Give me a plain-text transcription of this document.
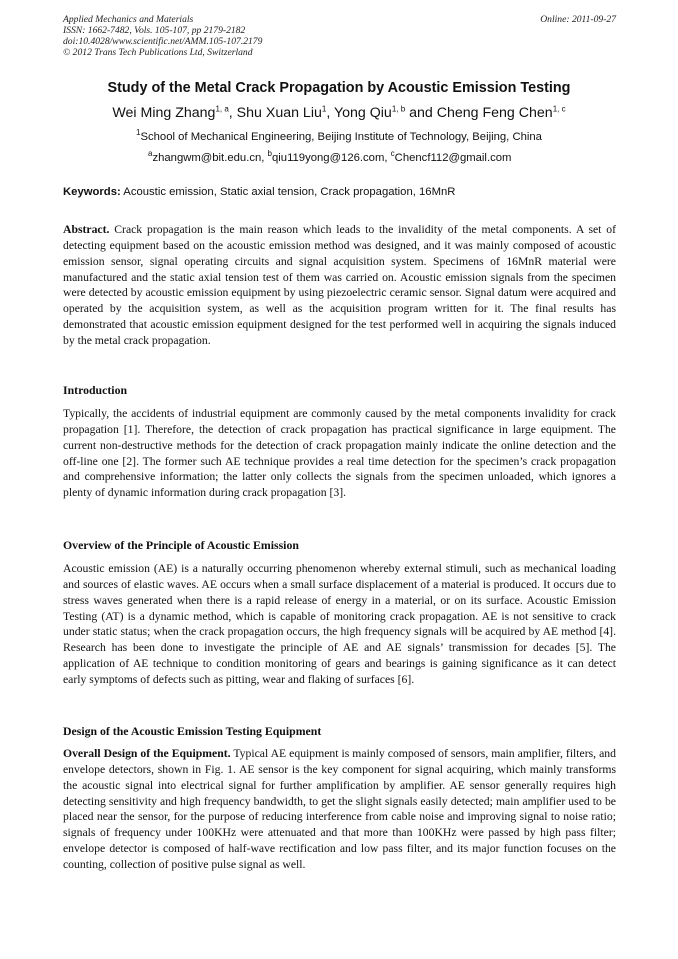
Applied Mechanics and Materials
ISSN: 1662-7482, Vols. 105-107, pp 2179-2182
doi:10.4028/www.scientific.net/AMM.105-107.2179
© 2012 Trans Tech Publications Ltd, Switzerland
Online: 2011-09-27
Study of the Metal Crack Propagation by Acoustic Emission Testing
Wei Ming Zhang$^{1, a}$, Shu Xuan Liu$^1$, Yong Qiu$^{1, b}$ and Cheng Feng Chen$^{1, c}$
$^1$School of Mechanical Engineering, Beijing Institute of Technology, Beijing, China
$^a$zhangwm@bit.edu.cn, $^b$qiu119yong@126.com, $^c$Chencf112@gmail.com
Keywords: Acoustic emission, Static axial tension, Crack propagation, 16MnR
Abstract. Crack propagation is the main reason which leads to the invalidity of the metal components. A set of detecting equipment based on the acoustic emission method was designed, and it was mainly composed of acoustic emission sensor, signal operating circuits and signal acquisition system. Specimens of 16MnR material were manufactured and the static axial tension test of them was carried on. Acoustic emission signals from the specimen were detected by acoustic emission equipment by using piezoelectric ceramic sensor. Signal datum were acquired and operated by the acquisition system, as well as the acquisition program written for it. The final results has demonstrated that acoustic emission equipment designed for the test performed well in acquiring the signals induced by the metal crack propagation.
Introduction
Typically, the accidents of industrial equipment are commonly caused by the metal components invalidity for crack propagation [1]. Therefore, the detection of crack propagation has practical significance in large equipment. The current non-destructive methods for the detection of crack propagation mainly indicate the online detection and the off-line one [2]. The former such AE technique provides a real time detection for the specimen’s crack propagation and comprehensive information; the latter only collects the signals from the specimen unloaded, which ignores a plenty of dynamic information during crack propagation [3].
Overview of the Principle of Acoustic Emission
Acoustic emission (AE) is a naturally occurring phenomenon whereby external stimuli, such as mechanical loading and sources of elastic waves. AE occurs when a small surface displacement of a material is produced. It occurs due to stress waves generated when there is a rapid release of energy in a material, or on its surface. Acoustic Emission Testing (AT) is a dynamic method, which is capable of monitoring crack propagation. AE is not sensitive to crack under static status; when the crack propagation occurs, the high frequency signals will be acquired by AE method [4]. Research has been done to investigate the principle of AE and AE signals’ transmission for decades [5]. The application of AE technique to condition monitoring of gears and bearings is gaining significance as it can detect early symptoms of defects such as pitting, wear and flaking of surfaces [6].
Design of the Acoustic Emission Testing Equipment
Overall Design of the Equipment. Typical AE equipment is mainly composed of sensors, main amplifier, filters, and envelope detectors, shown in Fig. 1. AE sensor is the key component for signal acquiring, which mainly transforms the acoustic signal into electrical signal for further amplification by amplifier. AE sensor generally requires high detecting sensitivity and high frequency bandwidth, to get the slight signals easily detected; main amplifier used to be placed near the sensor, for the purpose of reducing interference from cable noise and improving signal to noise ratio; signals of frequency under 100KHz were attenuated and that more than 100KHz were passed by high pass filter; envelope detector is composed of half-wave rectification and low pass filter, and its major function focuses on the counting, collection of positive pulse signal as well.
